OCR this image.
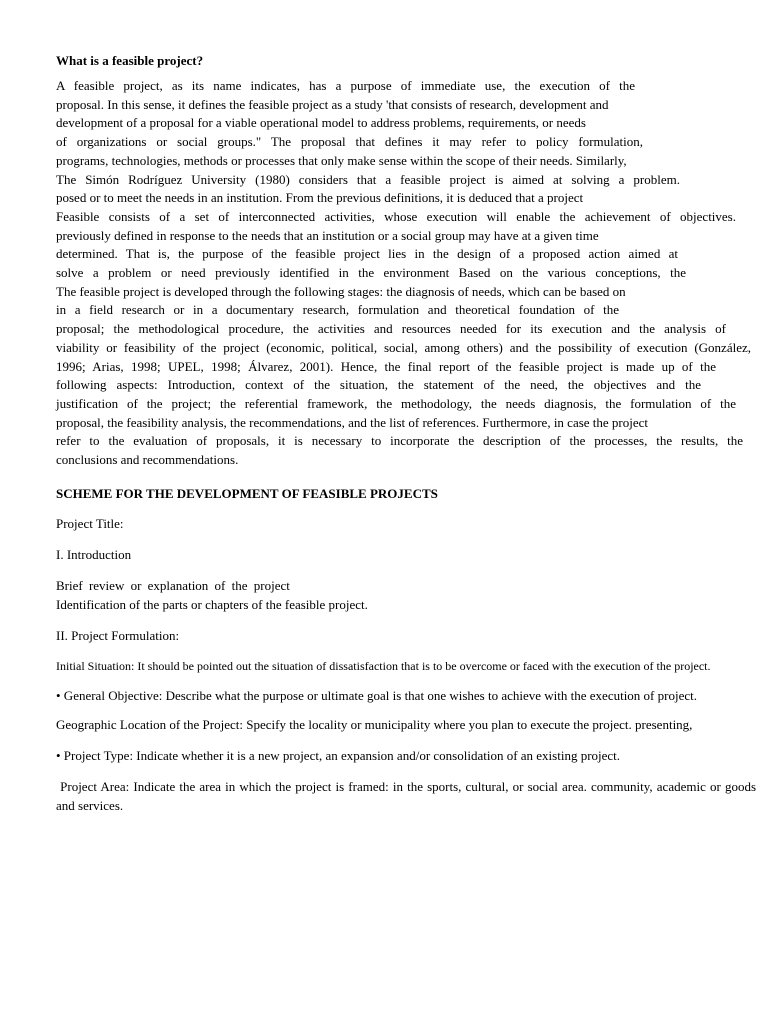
What is a feasible project?

A feasible project, as its name indicates, has a purpose of immediate use, the execution of the
proposal. In this sense, it defines the feasible project as a study 'that consists of research, development and
development of a proposal for a viable operational model to address problems, requirements, or needs
of organizations or social groups." The proposal that defines it may refer to policy formulation,
programs, technologies, methods or processes that only make sense within the scope of their needs. Similarly,
The Simón Rodríguez University (1980) considers that a feasible project is aimed at solving a problem.
posed or to meet the needs in an institution. From the previous definitions, it is deduced that a project
Feasible consists of a set of interconnected activities, whose execution will enable the achievement of objectives.
previously defined in response to the needs that an institution or a social group may have at a given time
determined. That is, the purpose of the feasible project lies in the design of a proposed action aimed at
solve a problem or need previously identified in the environment Based on the various conceptions, the
The feasible project is developed through the following stages: the diagnosis of needs, which can be based on
in a field research or in a documentary research, formulation and theoretical foundation of the
proposal; the methodological procedure, the activities and resources needed for its execution and the analysis of
viability or feasibility of the project (economic, political, social, among others) and the possibility of execution (González,
1996; Arias, 1998; UPEL, 1998; Álvarez, 2001). Hence, the final report of the feasible project is made up of the
following aspects: Introduction, context of the situation, the statement of the need, the objectives and the
justification of the project; the referential framework, the methodology, the needs diagnosis, the formulation of the
proposal, the feasibility analysis, the recommendations, and the list of references. Furthermore, in case the project
refer to the evaluation of proposals, it is necessary to incorporate the description of the processes, the results, the
conclusions and recommendations.

SCHEME FOR THE DEVELOPMENT OF FEASIBLE PROJECTS

Project Title:

I. Introduction

Brief review or explanation of the project

Identification of the parts or chapters of the feasible project.

II. Project Formulation:

Initial Situation: It should be pointed out the situation of dissatisfaction that is to be overcome or faced with the execution of the project.

• General Objective: Describe what the purpose or ultimate goal is that one wishes to achieve with the execution of project.

Geographic Location of the Project: Specify the locality or municipality where you plan to execute the project. presenting,

• Project Type: Indicate whether it is a new project, an expansion and/or consolidation of an existing project.

Project Area: Indicate the area in which the project is framed: in the sports, cultural, or social area. community, academic or goods and services.
